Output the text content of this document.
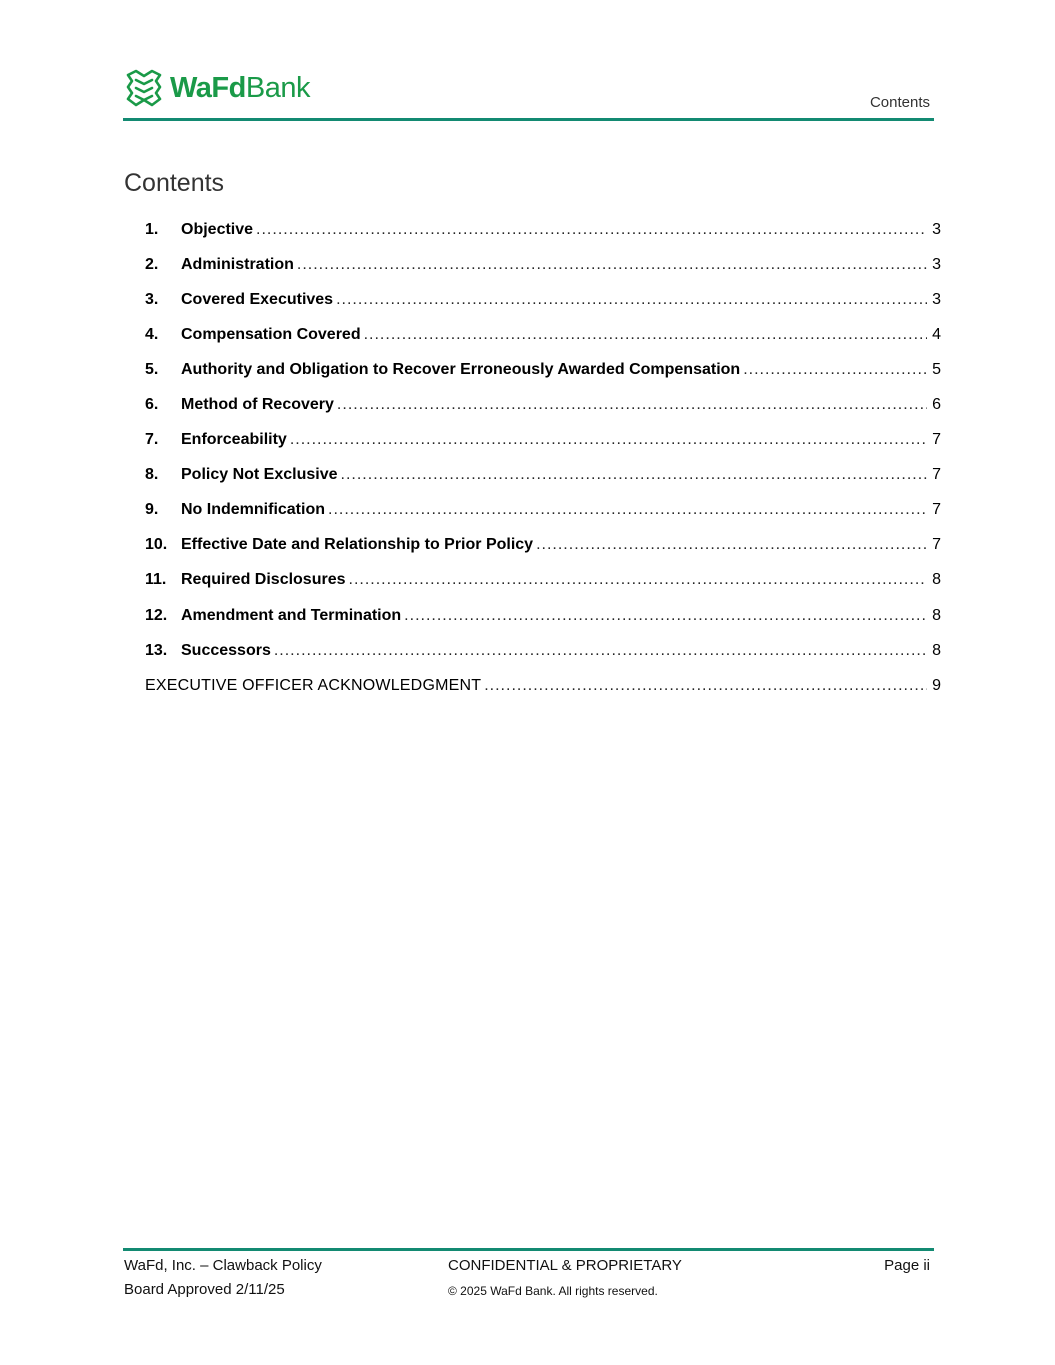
WaFdBank	Contents
Contents
1.	Objective .....	3
2.	Administration .....	3
3.	Covered Executives .....	3
4.	Compensation Covered .....	4
5.	Authority and Obligation to Recover Erroneously Awarded Compensation .....	5
6.	Method of Recovery .....	6
7.	Enforceability .....	7
8.	Policy Not Exclusive .....	7
9.	No Indemnification .....	7
10. Effective Date and Relationship to Prior Policy .....	7
11. Required Disclosures .....	8
12. Amendment and Termination .....	8
13. Successors .....	8
EXECUTIVE OFFICER ACKNOWLEDGMENT .....	9
WaFd, Inc. – Clawback Policy
Board Approved 2/11/25
CONFIDENTIAL & PROPRIETARY
© 2025 WaFd Bank. All rights reserved.
Page ii
